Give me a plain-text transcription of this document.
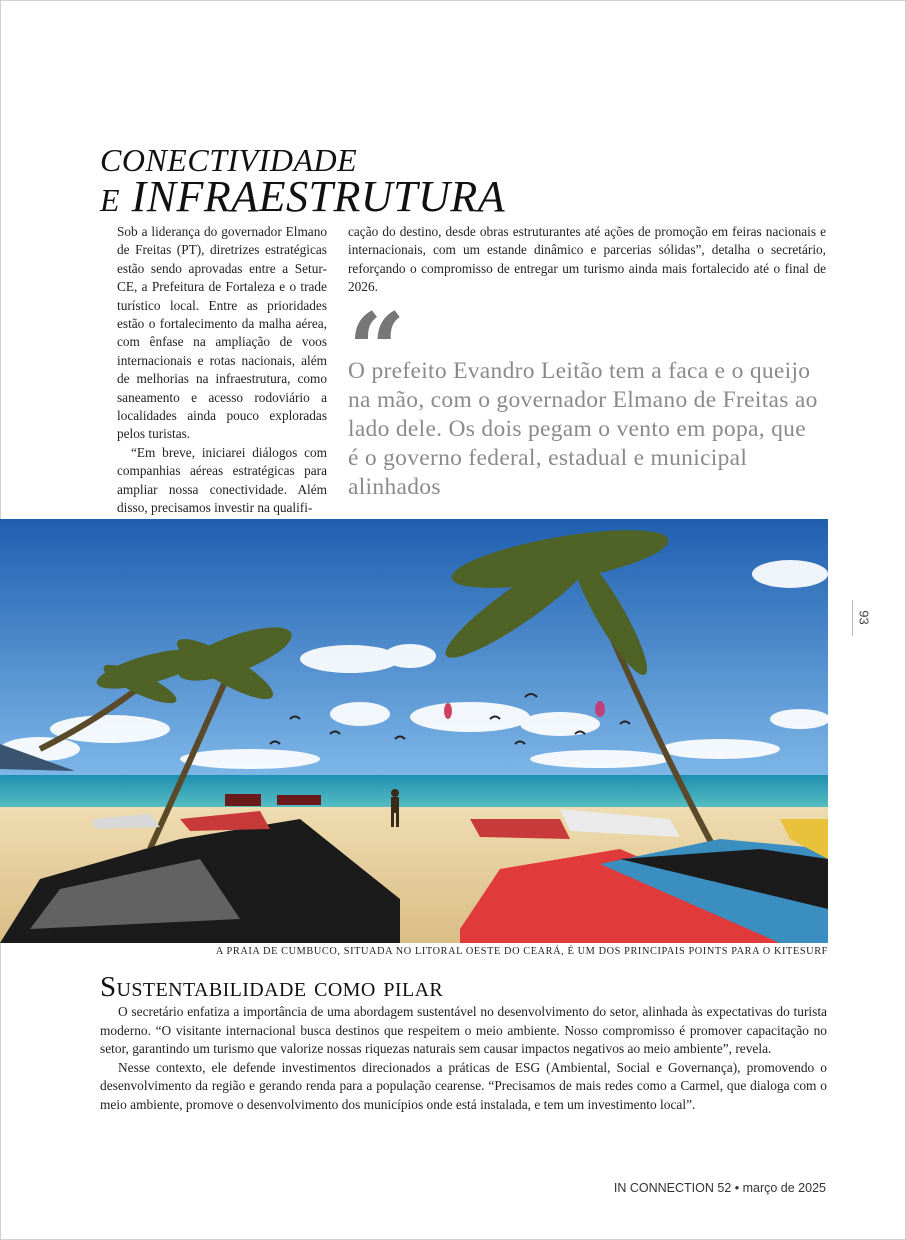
CONECTIVIDADE
E INFRAESTRUTURA

Sob a liderança do governador Elmano de Freitas (PT), diretrizes estratégicas estão sendo aprovadas entre a Setur-CE, a Prefeitura de Fortaleza e o trade turístico local. Entre as prioridades estão o fortalecimento da malha aérea, com ênfase na ampliação de voos internacionais e rotas nacionais, além de melhorias na infraestrutura, como saneamento e acesso rodoviário a localidades ainda pouco exploradas pelos turistas.

“Em breve, iniciarei diálogos com companhias aéreas estratégicas para ampliar nossa conectividade. Além disso, precisamos investir na qualifi-

cação do destino, desde obras estruturantes até ações de promoção em feiras nacionais e internacionais, com um estande dinâmico e parcerias sólidas”, detalha o secretário, reforçando o compromisso de entregar um turismo ainda mais fortalecido até o final de 2026.

“
O prefeito Evandro Leitão tem a faca e o queijo na mão, com o governador Elmano de Freitas ao lado dele. Os dois pegam o vento em popa, que é o governo federal, estadual e municipal alinhados
93
A PRAIA DE CUMBUCO, SITUADA NO LITORAL OESTE DO CEARÁ, É UM DOS PRINCIPAIS POINTS PARA O KITESURF
Sustentabilidade como pilar

O secretário enfatiza a importância de uma abordagem sustentável no desenvolvimento do setor, alinhada às expectativas do turista moderno. “O visitante internacional busca destinos que respeitem o meio ambiente. Nosso compromisso é promover capacitação no setor, garantindo um turismo que valorize nossas riquezas naturais sem causar impactos negativos ao meio ambiente”, revela.

Nesse contexto, ele defende investimentos direcionados a práticas de ESG (Ambiental, Social e Governança), promovendo o desenvolvimento da região e gerando renda para a população cearense. “Precisamos de mais redes como a Carmel, que dialoga com o meio ambiente, promove o desenvolvimento dos municípios onde está instalada, e tem um investimento local”.

IN CONNECTION 52 • março de 2025
